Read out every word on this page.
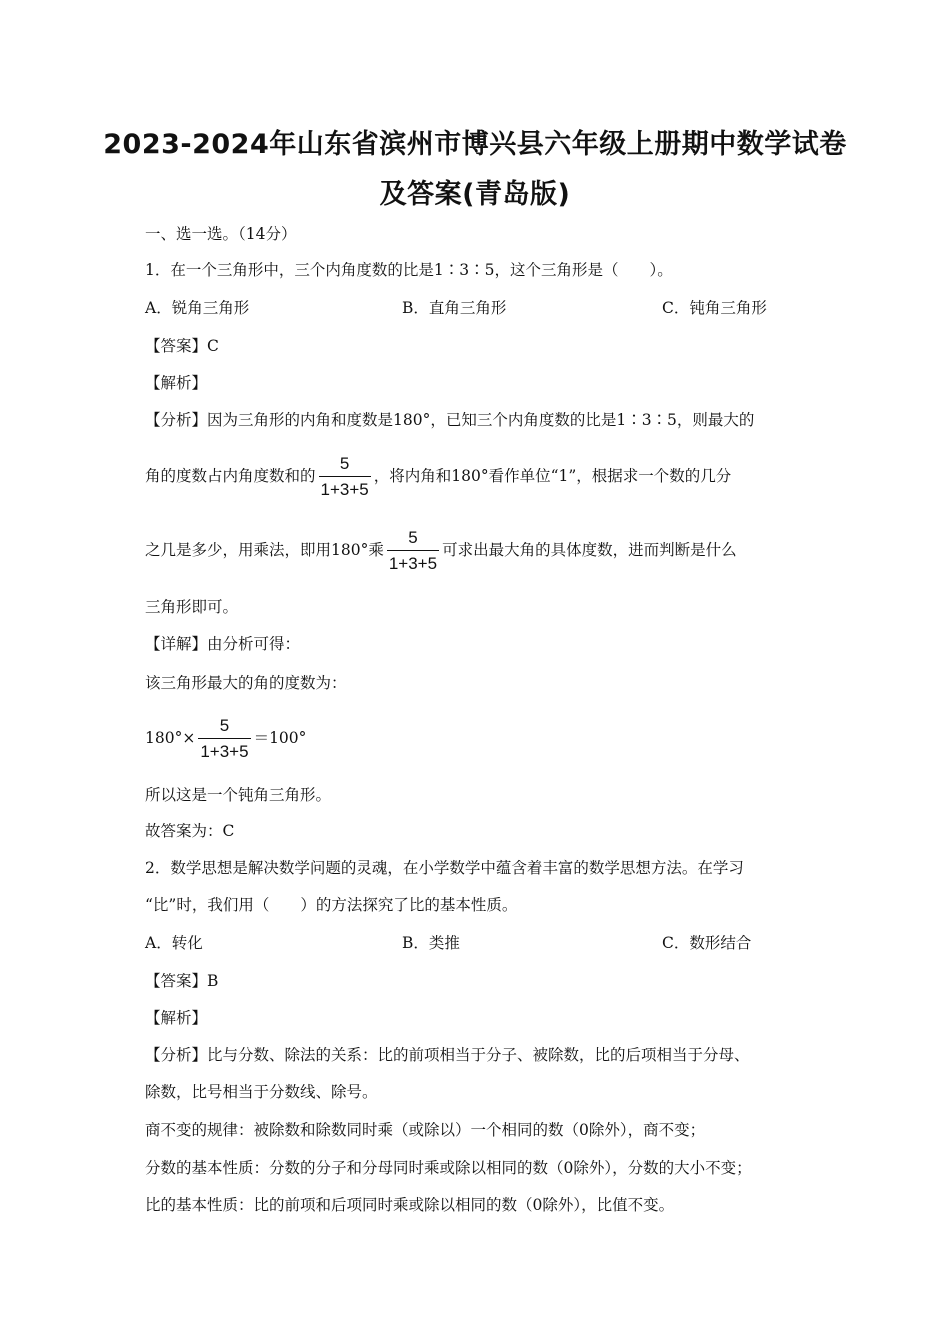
2023-2024年山东省滨州市博兴县六年级上册期中数学试卷
及答案(青岛版)
一、选一选。（14分）
1．在一个三角形中，三个内角度数的比是1∶3∶5，这个三角形是（　　）。
A．锐角三角形	B．直角三角形	C．钝角三角形
【答案】C
【解析】
【分析】因为三角形的内角和度数是180°，已知三个内角度数的比是1∶3∶5，则最大的
角的度数占内角度数和的 $\frac{5}{1+3+5}$ ，将内角和180°看作单位“1”，根据求一个数的几分
之几是多少，用乘法，即用180°乘 $\frac{5}{1+3+5}$ 可求出最大角的具体度数，进而判断是什么
三角形即可。
【详解】由分析可得：
该三角形最大的角的度数为：
$180^\circ\times \frac{5}{1+3+5} =100^\circ$
所以这是一个钝角三角形。
故答案为：C
2．数学思想是解决数学问题的灵魂，在小学数学中蕴含着丰富的数学思想方法。在学习
“比”时，我们用（　　）的方法探究了比的基本性质。
A．转化	B．类推	C．数形结合
【答案】B
【解析】
【分析】比与分数、除法的关系：比的前项相当于分子、被除数，比的后项相当于分母、
除数，比号相当于分数线、除号。
商不变的规律：被除数和除数同时乘（或除以）一个相同的数（0除外），商不变；
分数的基本性质：分数的分子和分母同时乘或除以相同的数（0除外），分数的大小不变；
比的基本性质：比的前项和后项同时乘或除以相同的数（0除外），比值不变。
